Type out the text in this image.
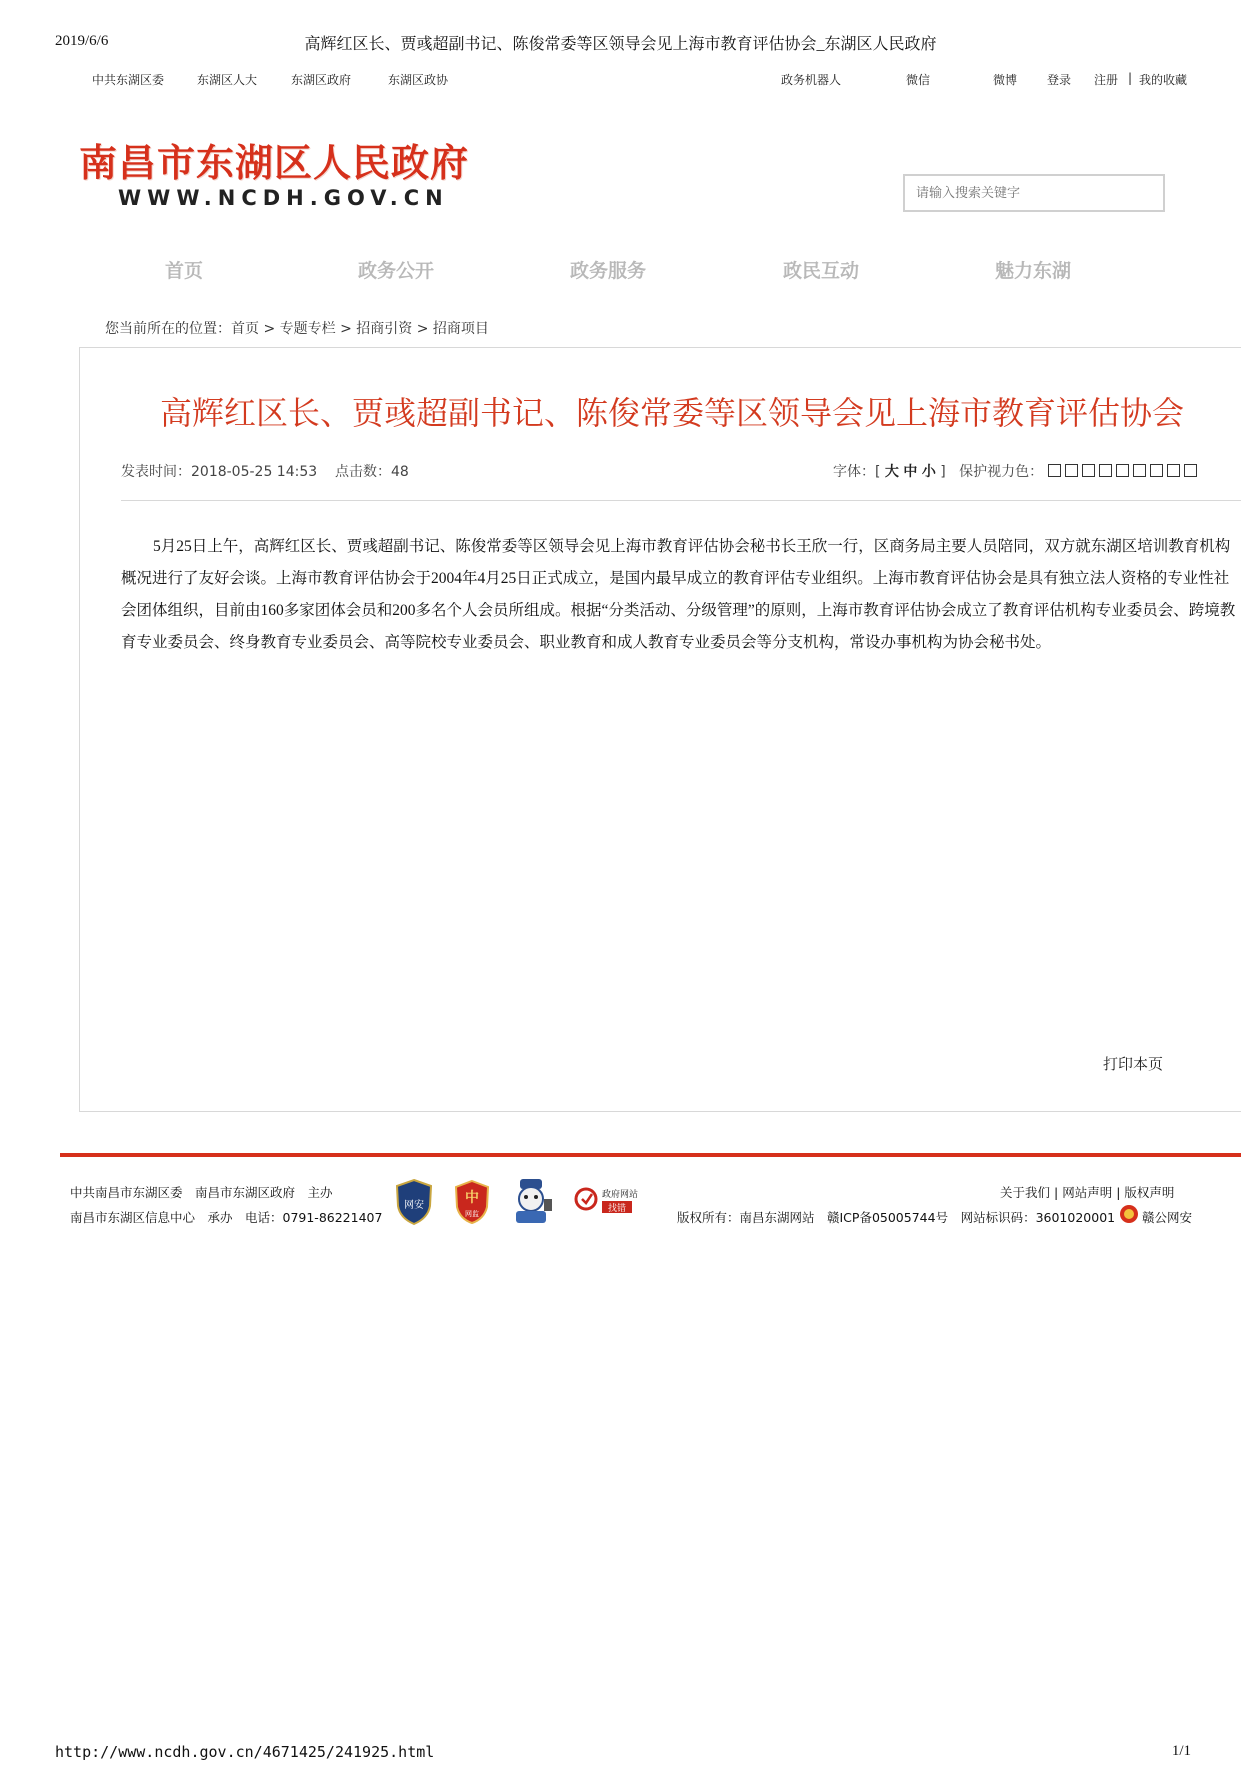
2019/6/6	高辉红区长、贾彧超副书记、陈俊常委等区领导会见上海市教育评估协会_东湖区人民政府
中共东湖区委	东湖区人大	东湖区政府	东湖区政协	政务机器人	微信	微博 登录 注册 | 我的收藏
南昌市东湖区人民政府
WWW.NCDH.GOV.CN
请输入搜索关键字
首页	政务公开	政务服务	政民互动	魅力东湖
您当前所在的位置：首页 > 专题专栏 > 招商引资 > 招商项目
高辉红区长、贾彧超副书记、陈俊常委等区领导会见上海市教育评估协会
发表时间：2018-05-25 14:53 点击数：48	字体：[ 大 中 小 ] 保护视力色：
5月25日上午，高辉红区长、贾彧超副书记、陈俊常委等区领导会见上海市教育评估协会秘书长王欣一行，区商务局主要人员陪同，双方就东湖区培训教育机构概况进行了友好会谈。上海市教育评估协会于2004年4月25日正式成立，是国内最早成立的教育评估专业组织。上海市教育评估协会是具有独立法人资格的专业性社会团体组织，目前由160多家团体会员和200多名个人会员所组成。根据“分类活动、分级管理”的原则，上海市教育评估协会成立了教育评估机构专业委员会、跨境教育专业委员会、终身教育专业委员会、高等院校专业委员会、职业教育和成人教育专业委员会等分支机构，常设办事机构为协会秘书处。
打印本页
中共南昌市东湖区委　南昌市东湖区政府　主办
南昌市东湖区信息中心　承办　电话：0791-86221407
网安	中
网监
政府网站
找错
关于我们 | 网站声明 | 版权声明
版权所有：南昌东湖网站　赣ICP备05005744号　网站标识码：3601020001 赣公网安
http://www.ncdh.gov.cn/4671425/241925.html	1/1
